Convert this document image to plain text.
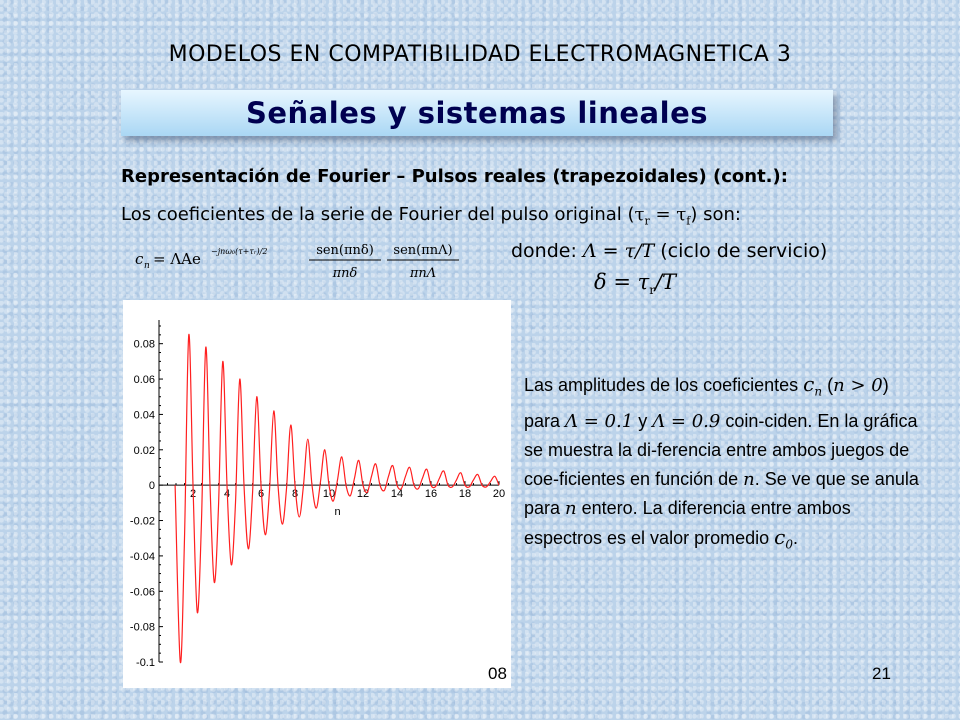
MODELOS EN COMPATIBILIDAD ELECTROMAGNETICA 3
Señales y sistemas lineales
Representación de Fourier – Pulsos reales (trapezoidales) (cont.):
Los coeficientes de la serie de Fourier del pulso original $(\tau_r = \tau_f)$ son:
c n = ΛAe −jnω₀(τ+τᵣ)/2	sen(πnδ)
πnδ
sen(πnΛ)
πnΛ
donde: Λ = τ/T (ciclo de servicio)
$\delta = \tau_r/T$
2	4	6	8 10 12 14 16 18 20
0.08
0.06
0.04
0.02
0
-0.02
-0.04
-0.06
-0.08
-0.1
n
Las amplitudes de los coeficientes $c_n$ (n > 0) para Λ = 0.1 y Λ = 0.9 coin-ciden. En la gráfica se muestra la di-ferencia entre ambos juegos de coe-ficientes en función de n. Se ve que se anula para n entero. La diferencia entre ambos espectros es el valor promedio $c_0$.
08	21
